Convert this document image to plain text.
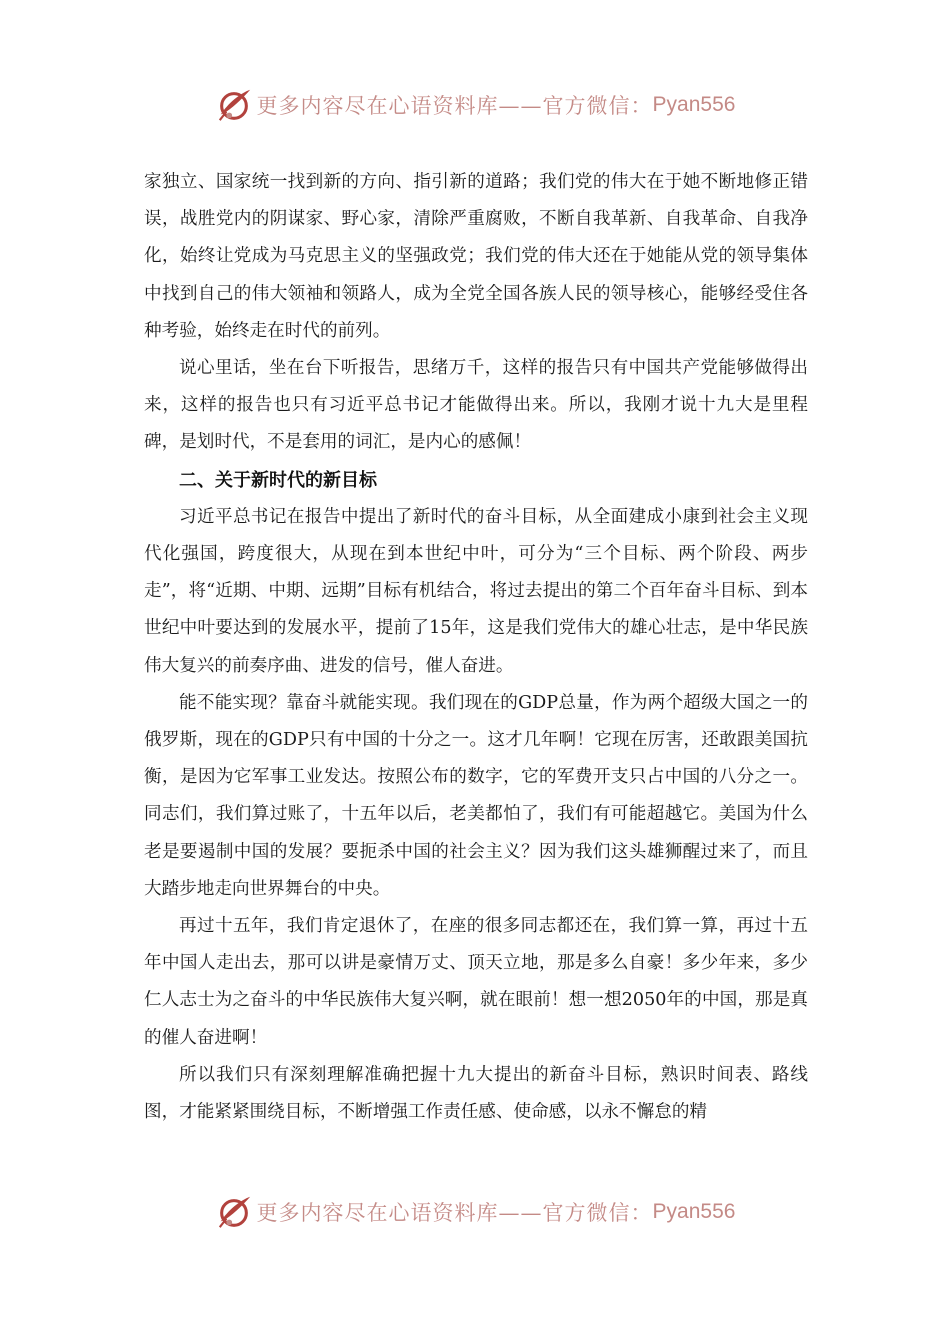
更多内容尽在心语资料库——官方微信： Pyan556

家独立、国家统一找到新的方向、指引新的道路；我们党的伟大在于她不断地修正错误，战胜党内的阴谋家、野心家，清除严重腐败，不断自我革新、自我革命、自我净化，始终让党成为马克思主义的坚强政党；我们党的伟大还在于她能从党的领导集体中找到自己的伟大领袖和领路人，成为全党全国各族人民的领导核心，能够经受住各种考验，始终走在时代的前列。

说心里话，坐在台下听报告，思绪万千，这样的报告只有中国共产党能够做得出来，这样的报告也只有习近平总书记才能做得出来。所以，我刚才说十九大是里程碑，是划时代，不是套用的词汇，是内心的感佩！

二、关于新时代的新目标

习近平总书记在报告中提出了新时代的奋斗目标，从全面建成小康到社会主义现代化强国，跨度很大，从现在到本世纪中叶，可分为“三个目标、两个阶段、两步走”，将“近期、中期、远期”目标有机结合，将过去提出的第二个百年奋斗目标、到本世纪中叶要达到的发展水平，提前了15年，这是我们党伟大的雄心壮志，是中华民族伟大复兴的前奏序曲、进发的信号，催人奋进。

能不能实现？靠奋斗就能实现。我们现在的GDP总量，作为两个超级大国之一的俄罗斯，现在的GDP只有中国的十分之一。这才几年啊！它现在厉害，还敢跟美国抗衡，是因为它军事工业发达。按照公布的数字，它的军费开支只占中国的八分之一。同志们，我们算过账了，十五年以后，老美都怕了，我们有可能超越它。美国为什么老是要遏制中国的发展？要扼杀中国的社会主义？因为我们这头雄狮醒过来了，而且大踏步地走向世界舞台的中央。

再过十五年，我们肯定退休了，在座的很多同志都还在，我们算一算，再过十五年中国人走出去，那可以讲是豪情万丈、顶天立地，那是多么自豪！多少年来，多少仁人志士为之奋斗的中华民族伟大复兴啊，就在眼前！想一想2050年的中国，那是真的催人奋进啊！

所以我们只有深刻理解准确把握十九大提出的新奋斗目标，熟识时间表、路线图，才能紧紧围绕目标，不断增强工作责任感、使命感，以永不懈怠的精

更多内容尽在心语资料库——官方微信： Pyan556
